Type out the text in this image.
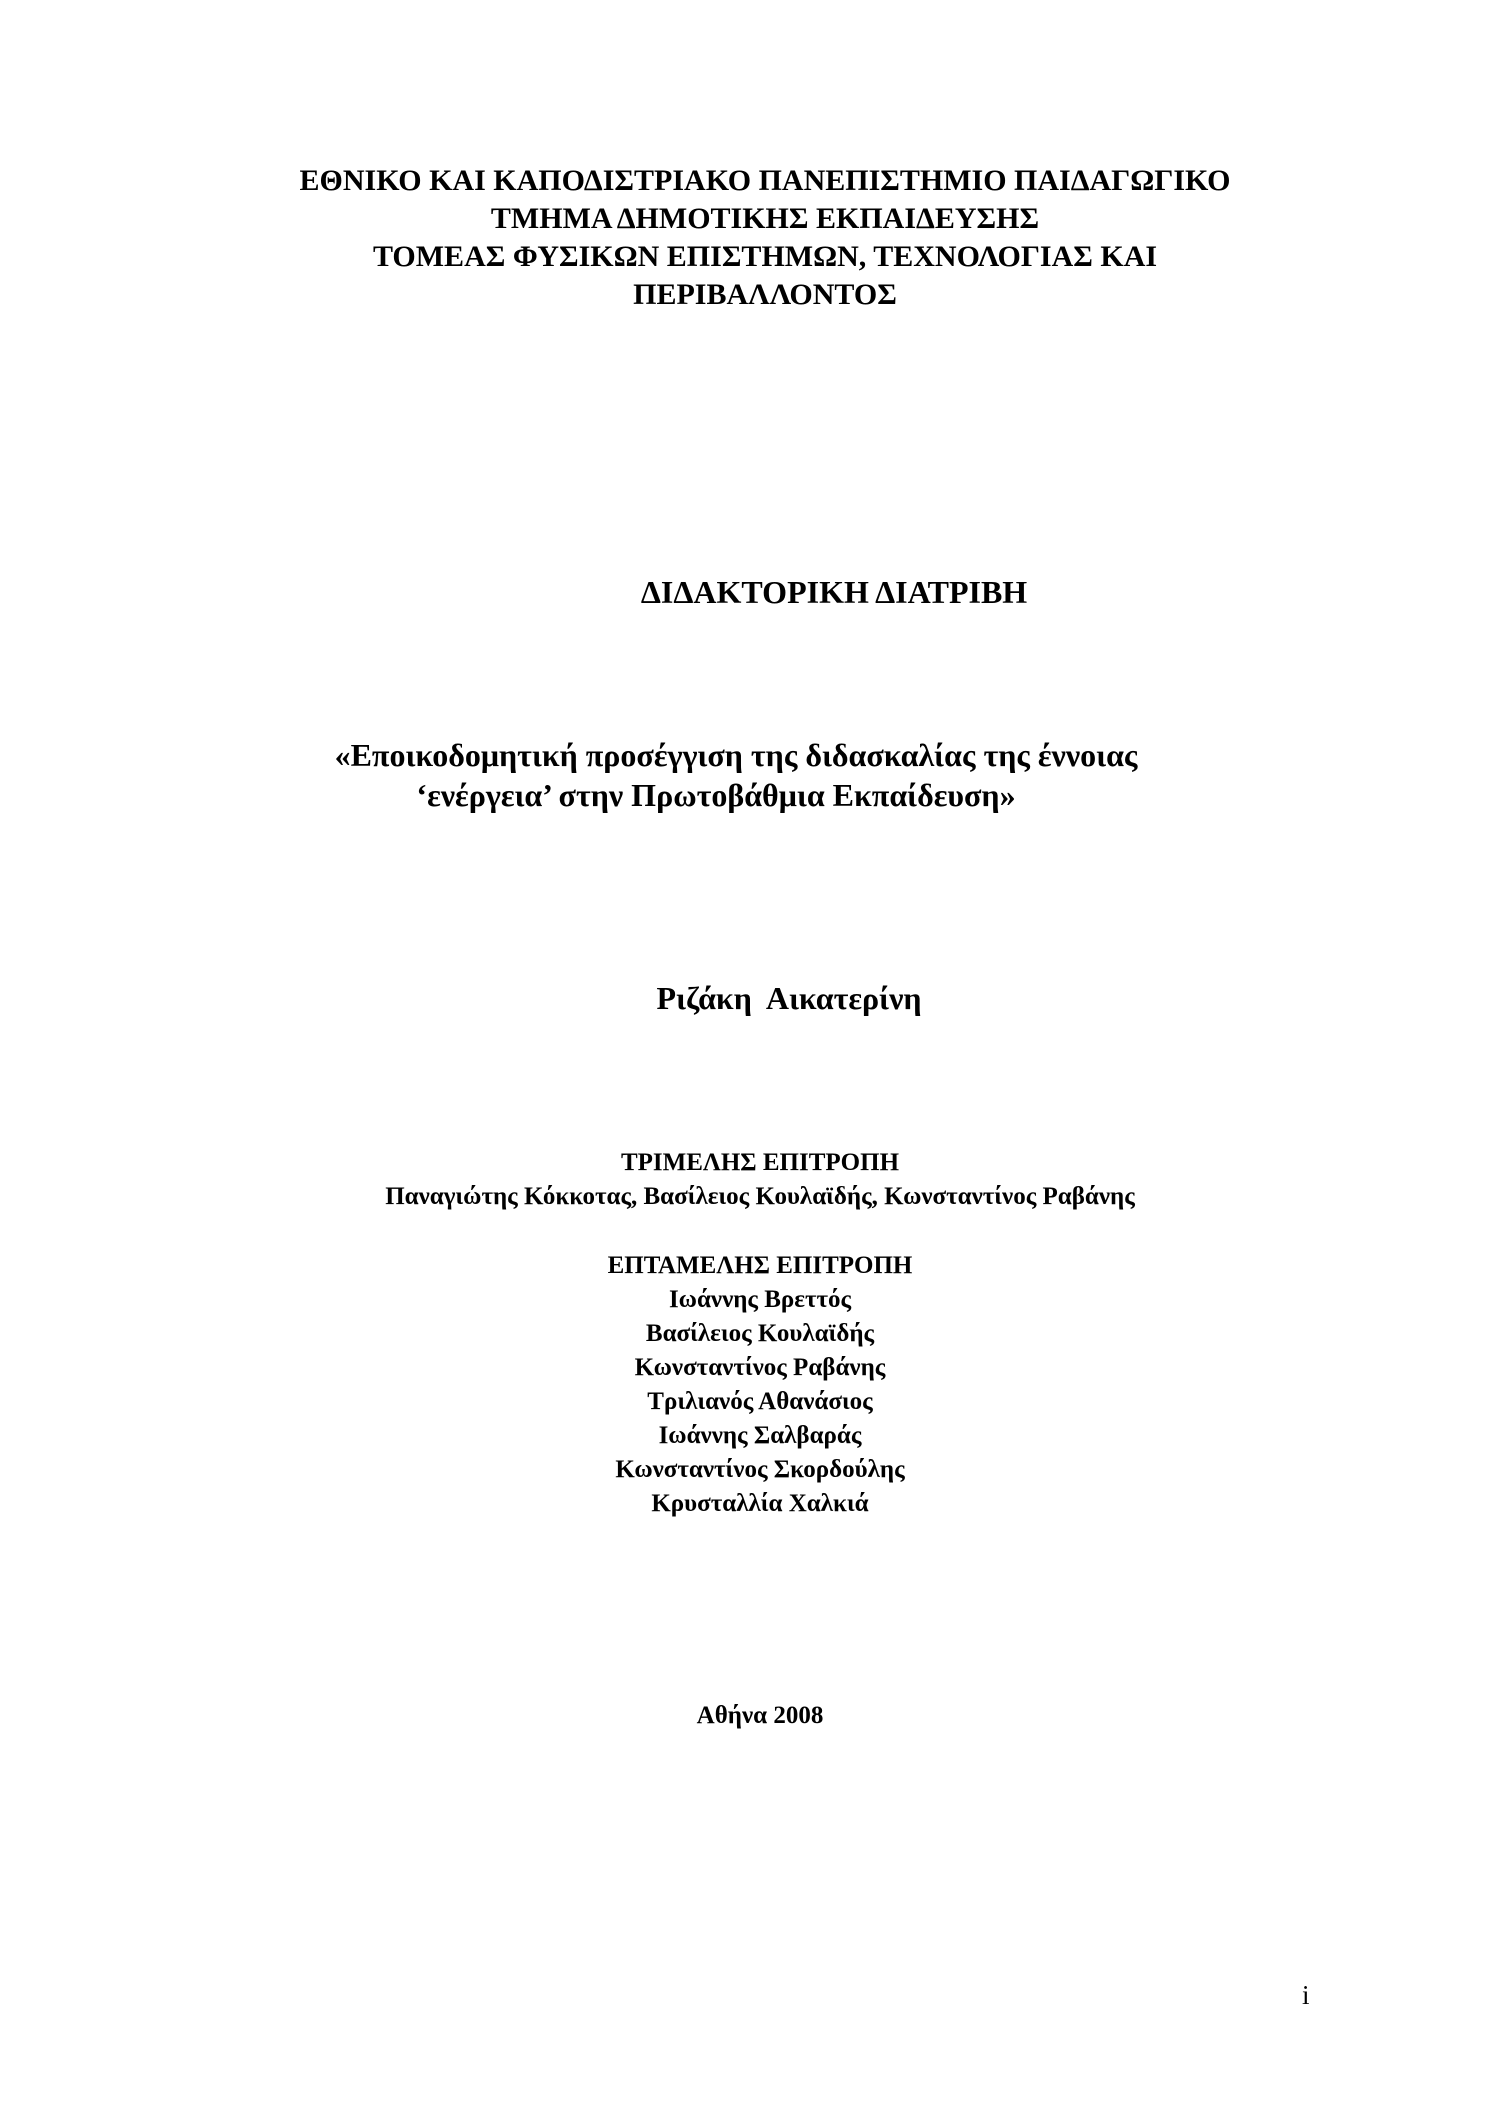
ΕΘΝΙΚΟ ΚΑΙ ΚΑΠΟΔΙΣΤΡΙΑΚΟ ΠΑΝΕΠΙΣΤΗΜΙΟ ΠΑΙΔΑΓΩΓΙΚΟ
ΤΜΗΜΑ ΔΗΜΟΤΙΚΗΣ ΕΚΠΑΙΔΕΥΣΗΣ
ΤΟΜΕΑΣ ΦΥΣΙΚΩΝ ΕΠΙΣΤΗΜΩΝ, ΤΕΧΝΟΛΟΓΙΑΣ ΚΑΙ
ΠΕΡΙΒΑΛΛΟΝΤΟΣ
ΔΙΔΑΚΤΟΡΙΚΗ ΔΙΑΤΡΙΒΗ
«Εποικοδομητική προσέγγιση της διδασκαλίας της έννοιας
‘ενέργεια’ στην Πρωτοβάθμια Εκπαίδευση»
Ριζάκη Αικατερίνη
ΤΡΙΜΕΛΗΣ ΕΠΙΤΡΟΠΗ
Παναγιώτης Κόκκοτας, Βασίλειος Κουλαϊδής, Κωνσταντίνος Ραβάνης
ΕΠΤΑΜΕΛΗΣ ΕΠΙΤΡΟΠΗ
Ιωάννης Βρεττός
Βασίλειος Κουλαϊδής
Κωνσταντίνος Ραβάνης
Τριλιανός Αθανάσιος
Ιωάννης Σαλβαράς
Κωνσταντίνος Σκορδούλης
Κρυσταλλία Χαλκιά
Αθήνα 2008
i
